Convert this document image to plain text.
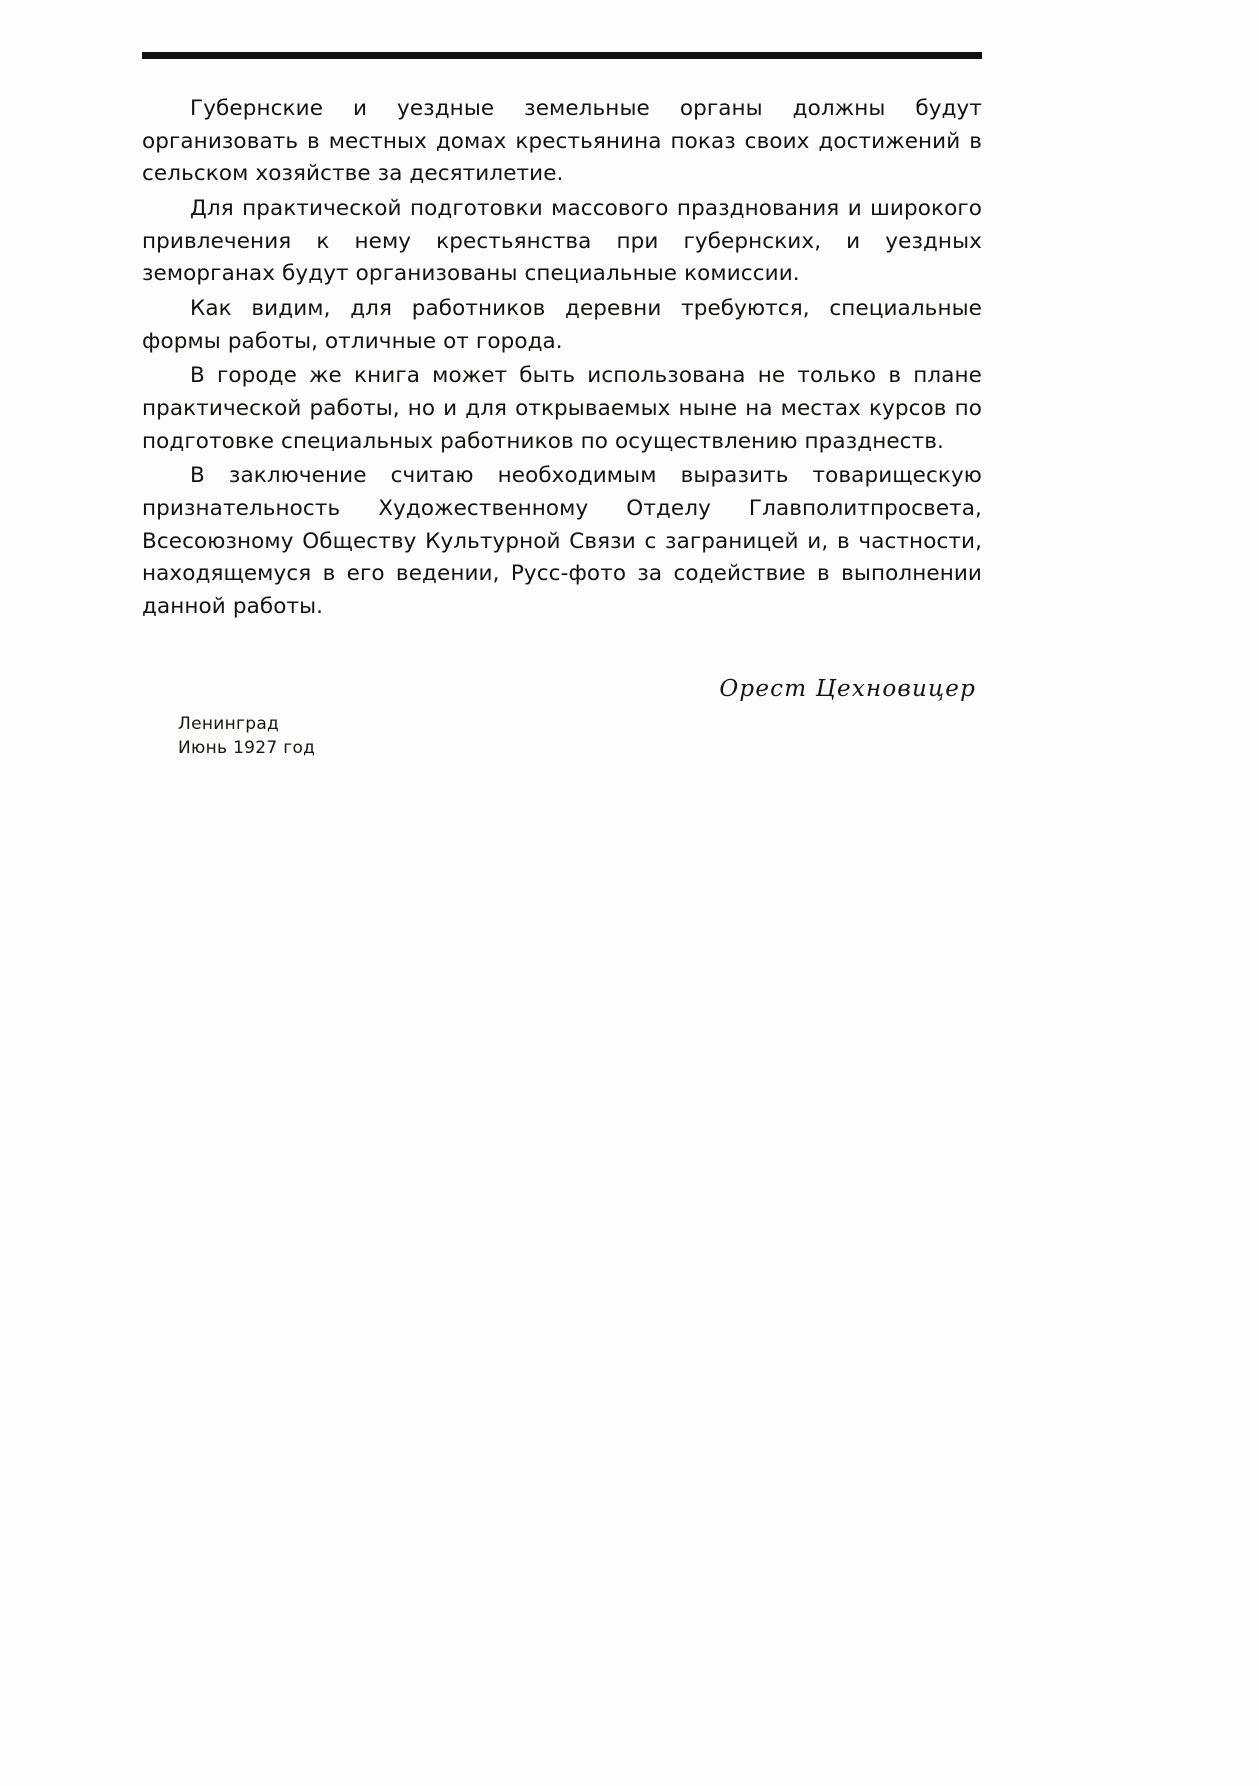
Губернские и уездные земельные органы должны будут организовать в местных домах крестьянина показ своих достижений в сельском хозяйстве за десятилетие.

Для практической подготовки массового празднования и широкого привлечения к нему крестьянства при губернских, и уездных земорганах будут организованы специальные комиссии.

Как видим, для работников деревни требуются, специальные формы работы, отличные от города.

В городе же книга может быть использована не только в плане практической работы, но и для открываемых ныне на местах курсов по подготовке специальных работников по осуществлению празднеств.

В заключение считаю необходимым выразить товарищескую признательность Художественному Отделу Главполитпросвета, Всесоюзному Обществу Культурной Связи с заграницей и, в частности, находящемуся в его ведении, Русс-фото за содействие в выполнении данной работы.

Орест Цехновицер
Ленинград
Июнь 1927 год
